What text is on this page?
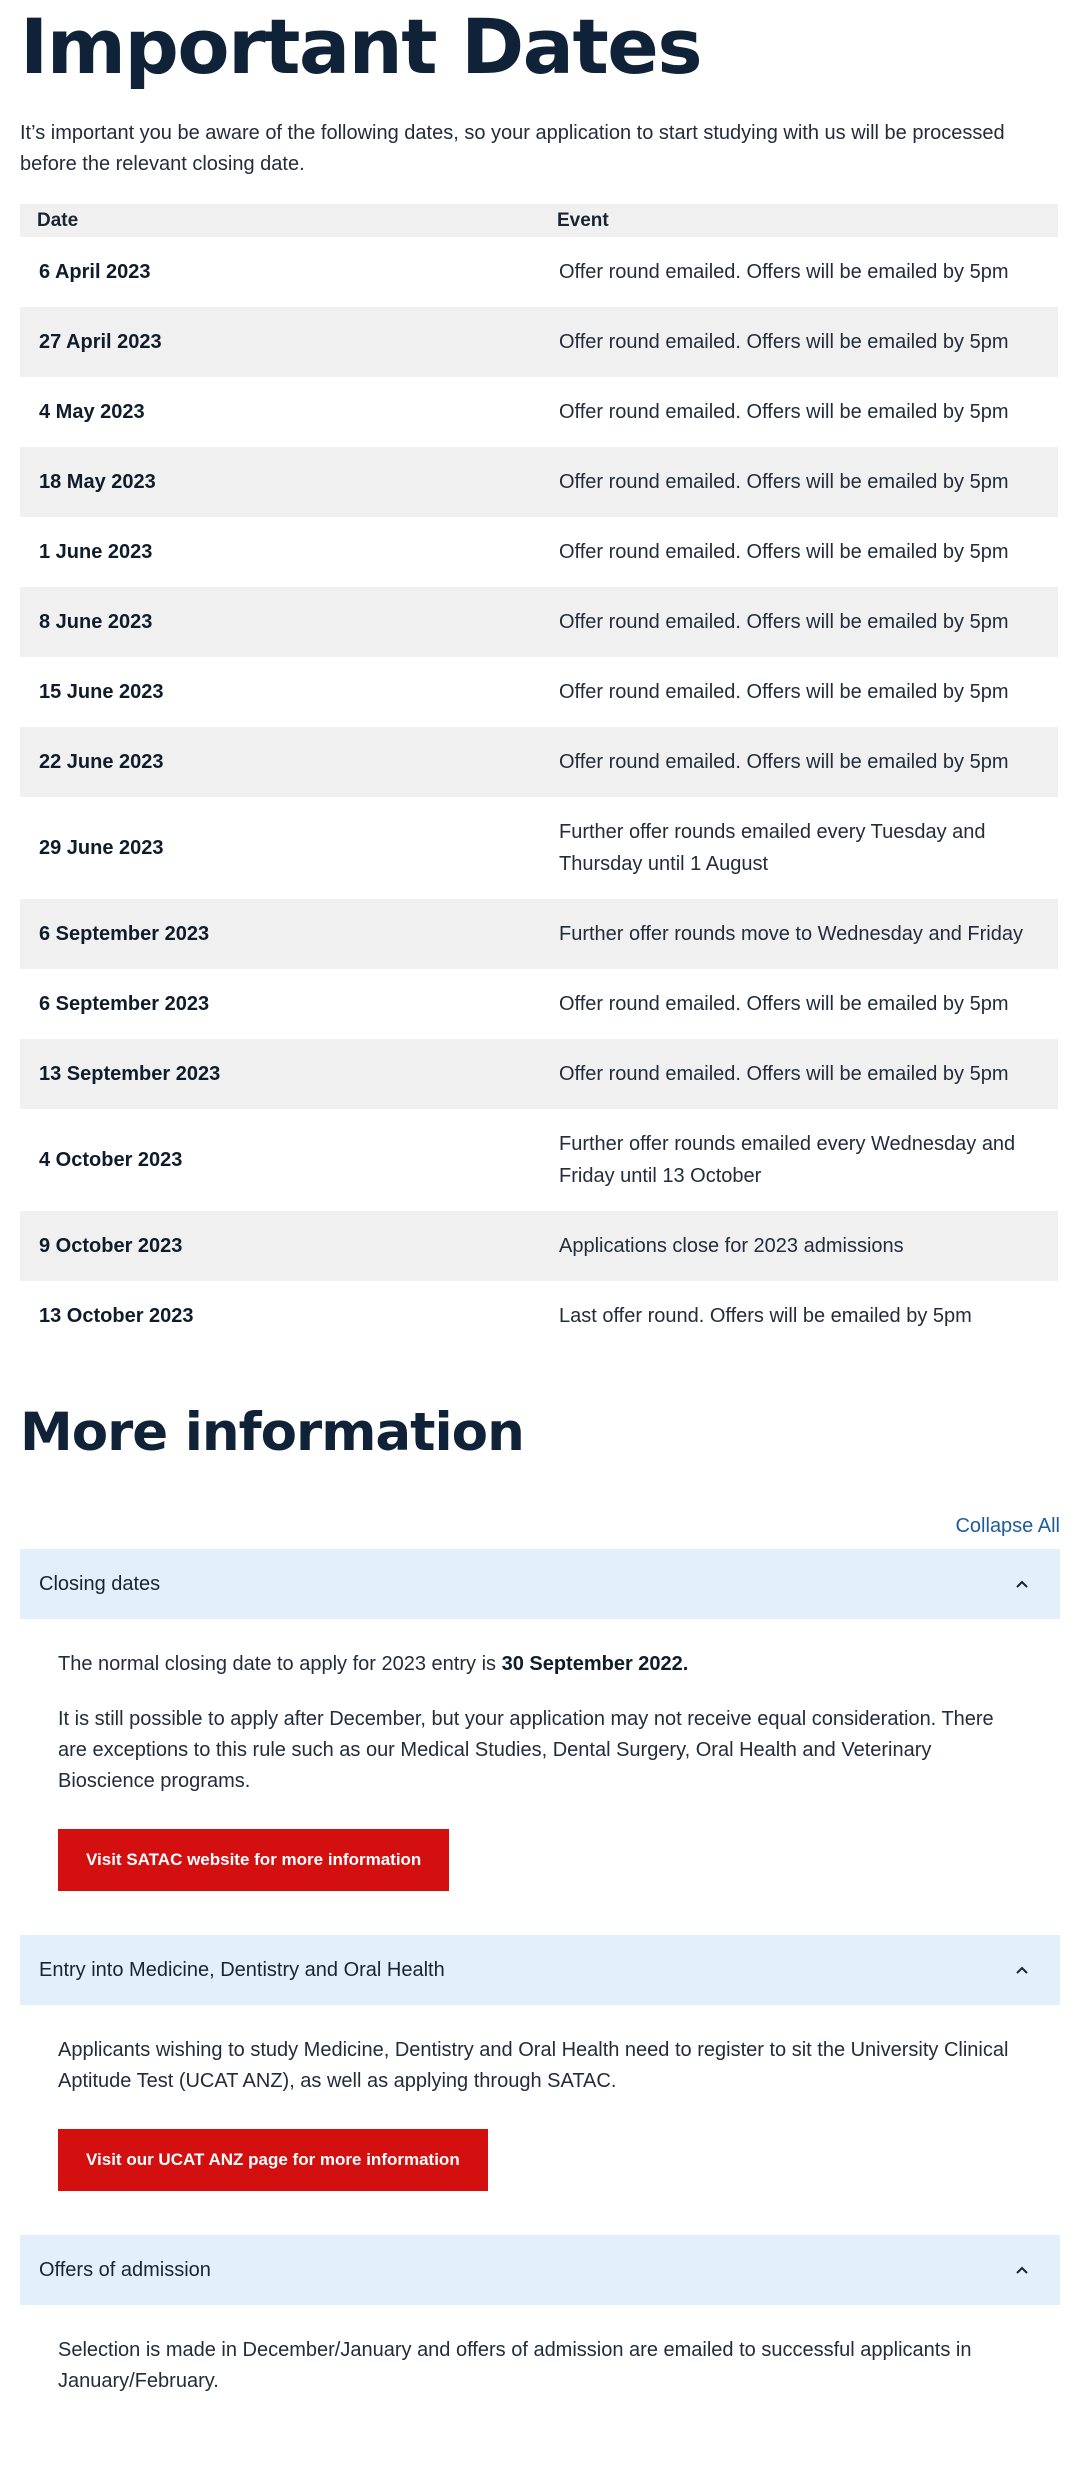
Important Dates

It’s important you be aware of the following dates, so your application to start studying with us will be processed before the relevant closing date.

Date	Event
6 April 2023	Offer round emailed. Offers will be emailed by 5pm
27 April 2023	Offer round emailed. Offers will be emailed by 5pm
4 May 2023	Offer round emailed. Offers will be emailed by 5pm
18 May 2023	Offer round emailed. Offers will be emailed by 5pm
1 June 2023	Offer round emailed. Offers will be emailed by 5pm
8 June 2023	Offer round emailed. Offers will be emailed by 5pm
15 June 2023	Offer round emailed. Offers will be emailed by 5pm
22 June 2023	Offer round emailed. Offers will be emailed by 5pm
29 June 2023	Further offer rounds emailed every Tuesday and Thursday until 1 August
6 September 2023	Further offer rounds move to Wednesday and Friday
6 September 2023	Offer round emailed. Offers will be emailed by 5pm
13 September 2023	Offer round emailed. Offers will be emailed by 5pm
4 October 2023	Further offer rounds emailed every Wednesday and Friday until 13 October
9 October 2023	Applications close for 2023 admissions
13 October 2023	Last offer round. Offers will be emailed by 5pm
More information
Collapse All
Closing dates

The normal closing date to apply for 2023 entry is 30 September 2022.

It is still possible to apply after December, but your application may not receive equal consideration. There are exceptions to this rule such as our Medical Studies, Dental Surgery, Oral Health and Veterinary Bioscience programs.

Visit SATAC website for more information
Entry into Medicine, Dentistry and Oral Health

Applicants wishing to study Medicine, Dentistry and Oral Health need to register to sit the University Clinical Aptitude Test (UCAT ANZ), as well as applying through SATAC.

Visit our UCAT ANZ page for more information
Offers of admission

Selection is made in December/January and offers of admission are emailed to successful applicants in January/February.
